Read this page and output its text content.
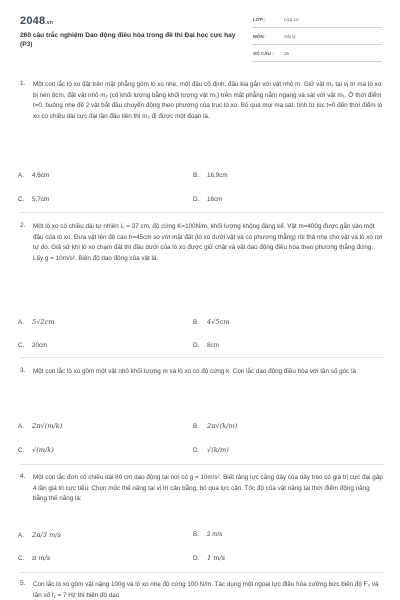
2048.vn
260 câu trắc nghiệm Dao động điều hòa trong đề thi Đại học cực hay (P3)
LỚP :	Lớp 12
MÔN :	Vật lý
SỐ CÂU : 35
1. Một con lắc lò xo đặt trên mặt phẳng gồm lò xo nhẹ, một đầu cố định, đầu kia gắn với vật nhỏ m. Giữ vật m₁ tại vị trí mà lò xo bị nén 8cm, đặt vật nhỏ m₂ (có khối lượng bằng khối lượng vật m₁) trên mặt phẳng nằm ngang và sát với vật m₁. Ở thời điểm t=0, buông nhẹ để 2 vật bắt đầu chuyển động theo phương của trục lò xo. Bỏ qua mọi ma sát, tính từ lúc t=0 đến thời điểm lò xo có chiều dài cực đại lần đầu tiên thì m₂ đi được một đoạn là.
A. 4,6cm	B. 16,9cm
C. 5,7cm	D. 16cm
2. Một lò xo có chiều dài tự nhiên l₀ = 37 cm, độ cứng K=100N/m, khối lượng không đáng kể. Vật m=400g được gắn vào một đầu của lò xo. Đưa vật lên độ cao h=45cm so với mặt đất (lò xo dưới vật và có phương thẳng) rồi thả nhẹ cho vật và lò xo rơi tự do. Giả sử khi lò xo chạm đất thì đầu dưới của lò xo được giữ chặt và vật dao động điều hòa theo phương thẳng đứng. Lấy g = 10m/s². Biên độ dao động của vật là:
A. 5√2cm	B. 4√5cm
C. 20cm	D. 8cm
3. Một con lắc lò xo gồm một vật nhỏ khối lượng m và lò xo có độ cứng k. Con lắc dao động điều hòa với tần số góc là
A. 2π√(m/k)	B. 2π√(k/m)
C. √(m/k)	D. √(k/m)
4. Một con lắc đơn có chiều dài 80 cm dao động tại nơi có g = 10m/s². Biết răng lực căng dây của dây treo có giá trị cực đại gấp 4 lần giá trị cực tiểu. Chọn mốc thế năng tại vị trí cân bằng, bỏ qua lực cản. Tốc độ của vật nặng tại thời điểm động năng bằng thế năng là:
A. 2π/3 m/s	B. 2 m/s
C. π m/s	D. 1 m/s
5. Con lắc lò xo gồm vật nặng 100g và lò xo nhẹ độ cứng 100 N/m. Tác dụng một ngoại lực điều hòa cưỡng bức biên độ F₀ và tần số f₁ = 7 Hz thì biên độ dao
